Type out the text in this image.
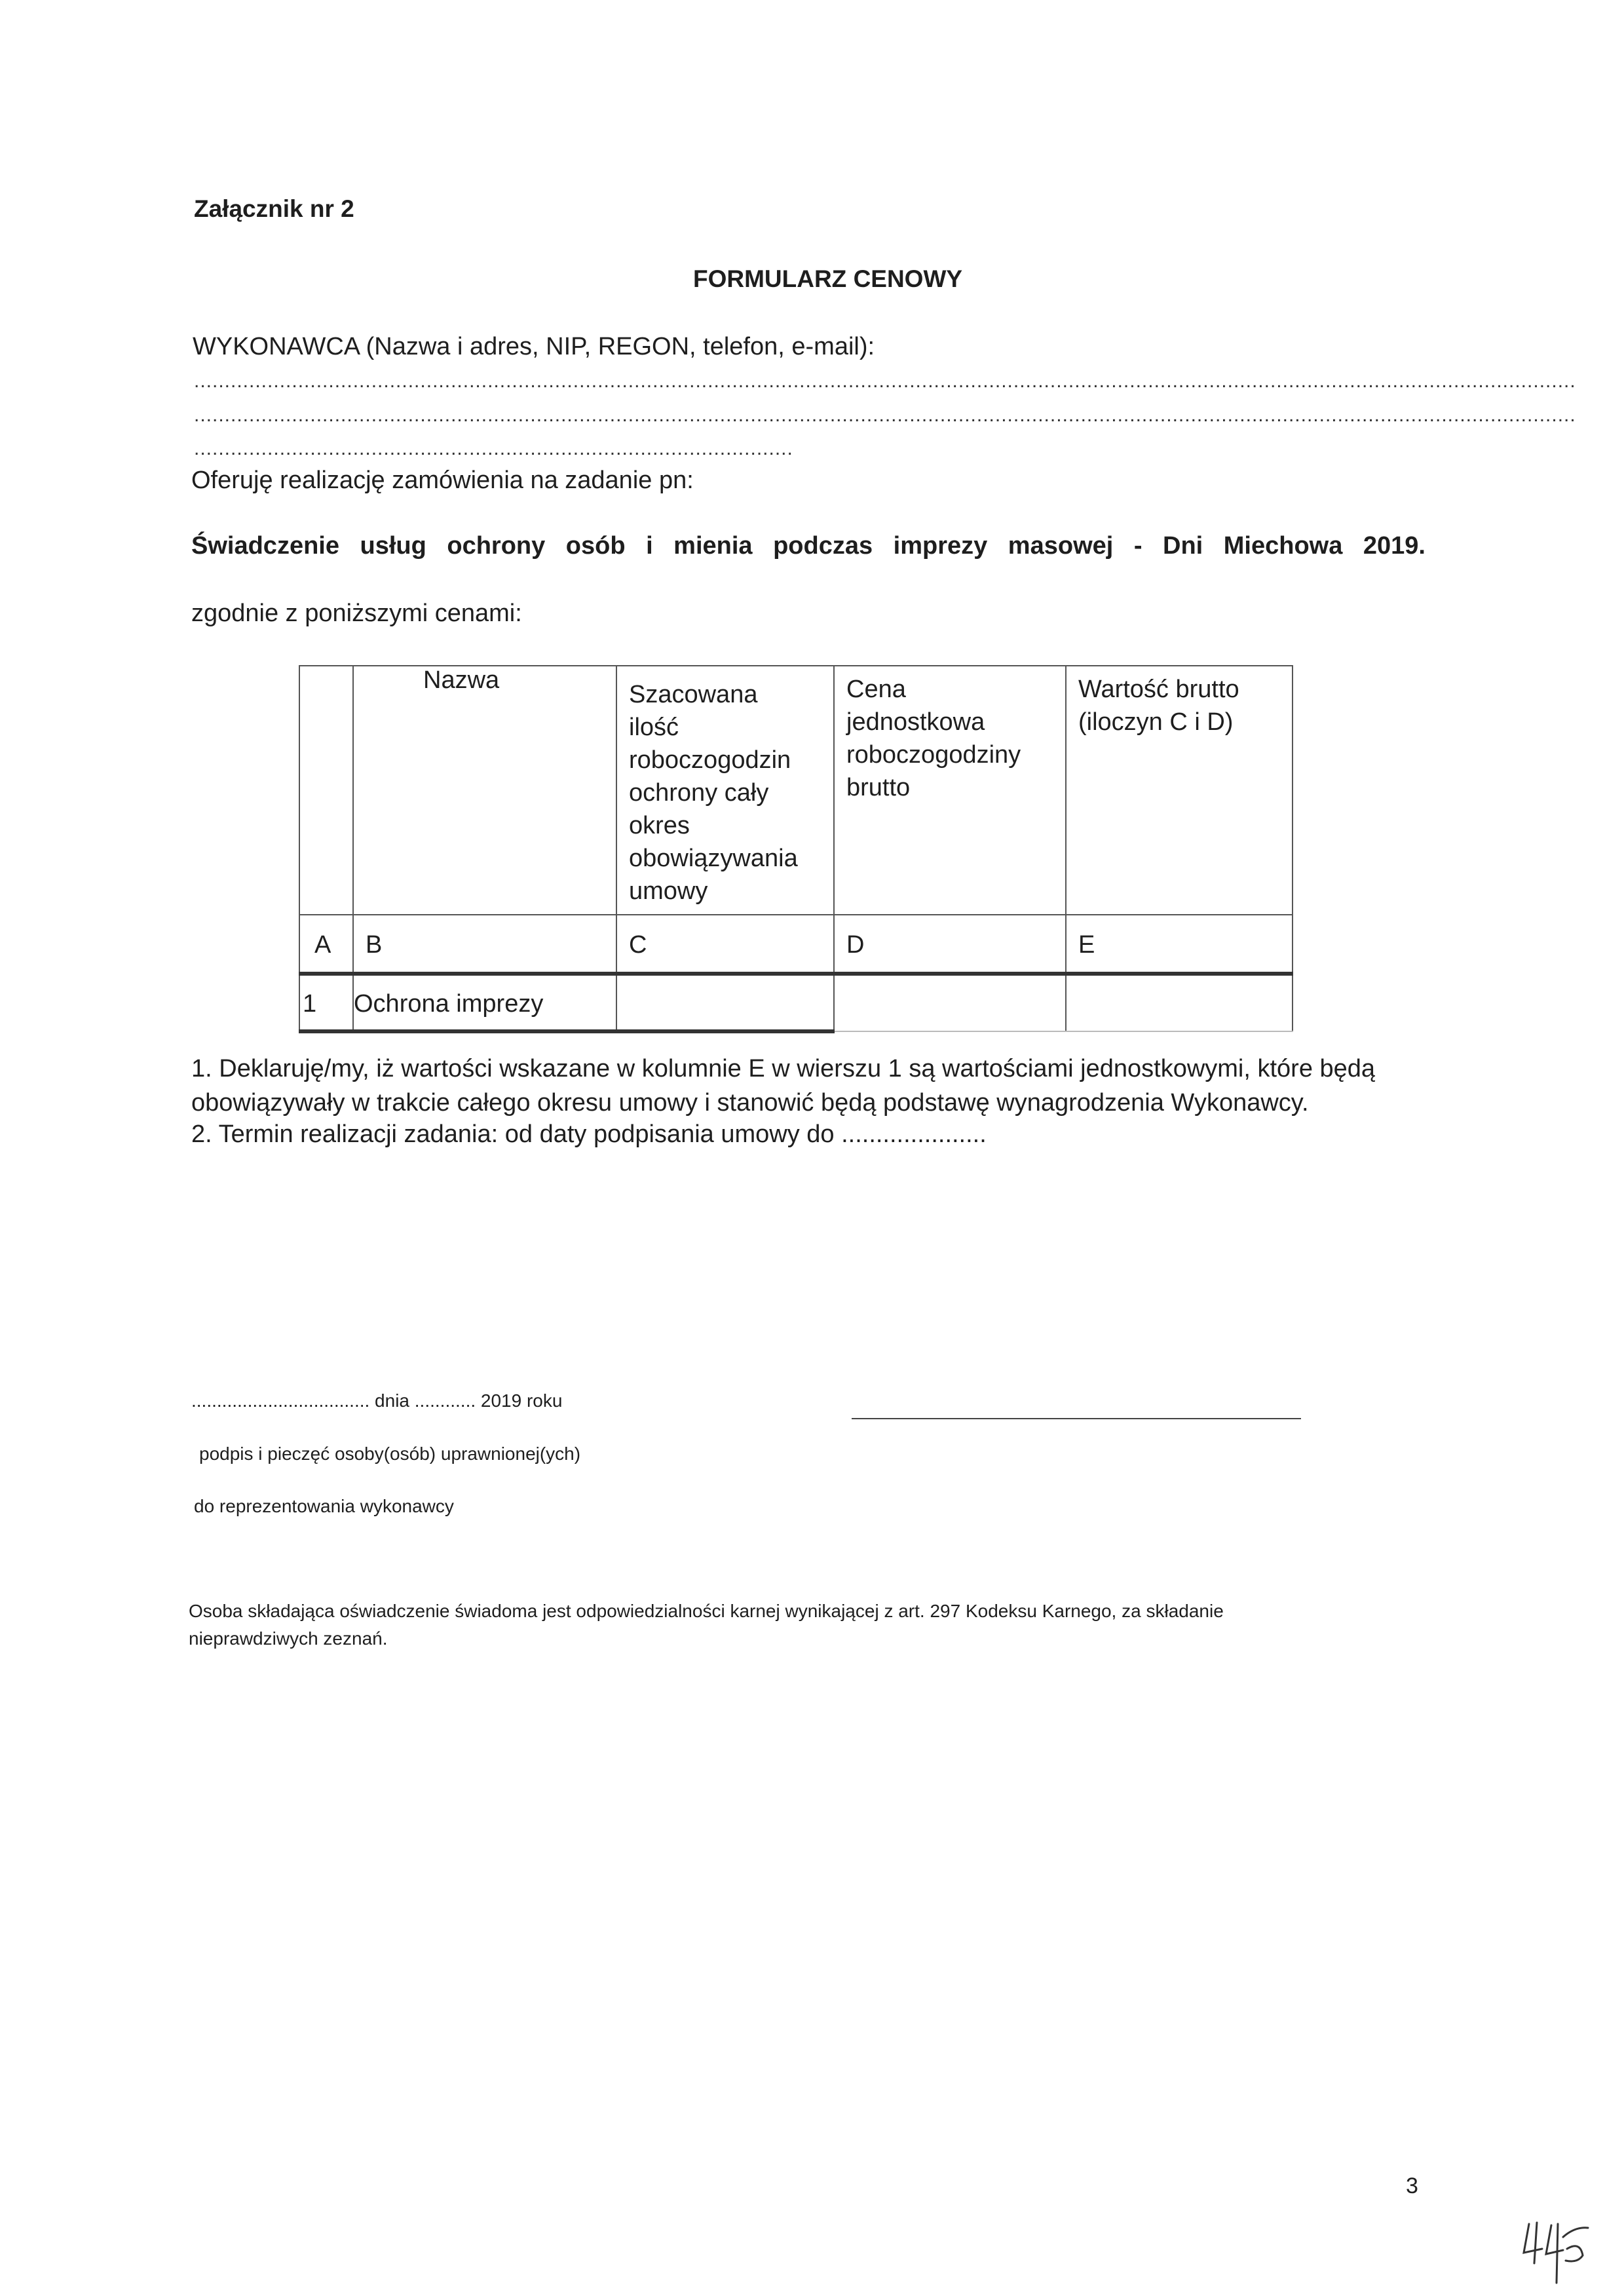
Załącznik nr 2
FORMULARZ CENOWY
WYKONAWCA (Nazwa i adres, NIP, REGON, telefon, e-mail):
..................................................................................................................................................................................................................................
..................................................................................................................................................................................................................................
..................................................................................................
Oferuję realizację zamówienia na zadanie pn:
Świadczenie usług ochrony osób i mienia podczas imprezy masowej - Dni Miechowa 2019.
zgodnie z poniższymi cenami:

	Nazwa	Szacowana ilość roboczogodzin ochrony cały okres obowiązywania umowy	Cena jednostkowa roboczogodziny brutto	Wartość brutto (iloczyn C i D)

A	B	C	D	E

1	Ochrona imprezy			

1. Deklaruję/my, iż wartości wskazane w kolumnie E w wierszu 1 są wartościami jednostkowymi, które będą obowiązywały w trakcie całego okresu umowy i stanowić będą podstawę wynagrodzenia Wykonawcy.
2. Termin realizacji zadania: od daty podpisania umowy do .....................
................................... dnia ............ 2019 roku
podpis i pieczęć osoby(osób) uprawnionej(ych)
do reprezentowania wykonawcy
Osoba składająca oświadczenie świadoma jest odpowiedzialności karnej wynikającej z art. 297 Kodeksu Karnego, za składanie nieprawdziwych zeznań.
3
